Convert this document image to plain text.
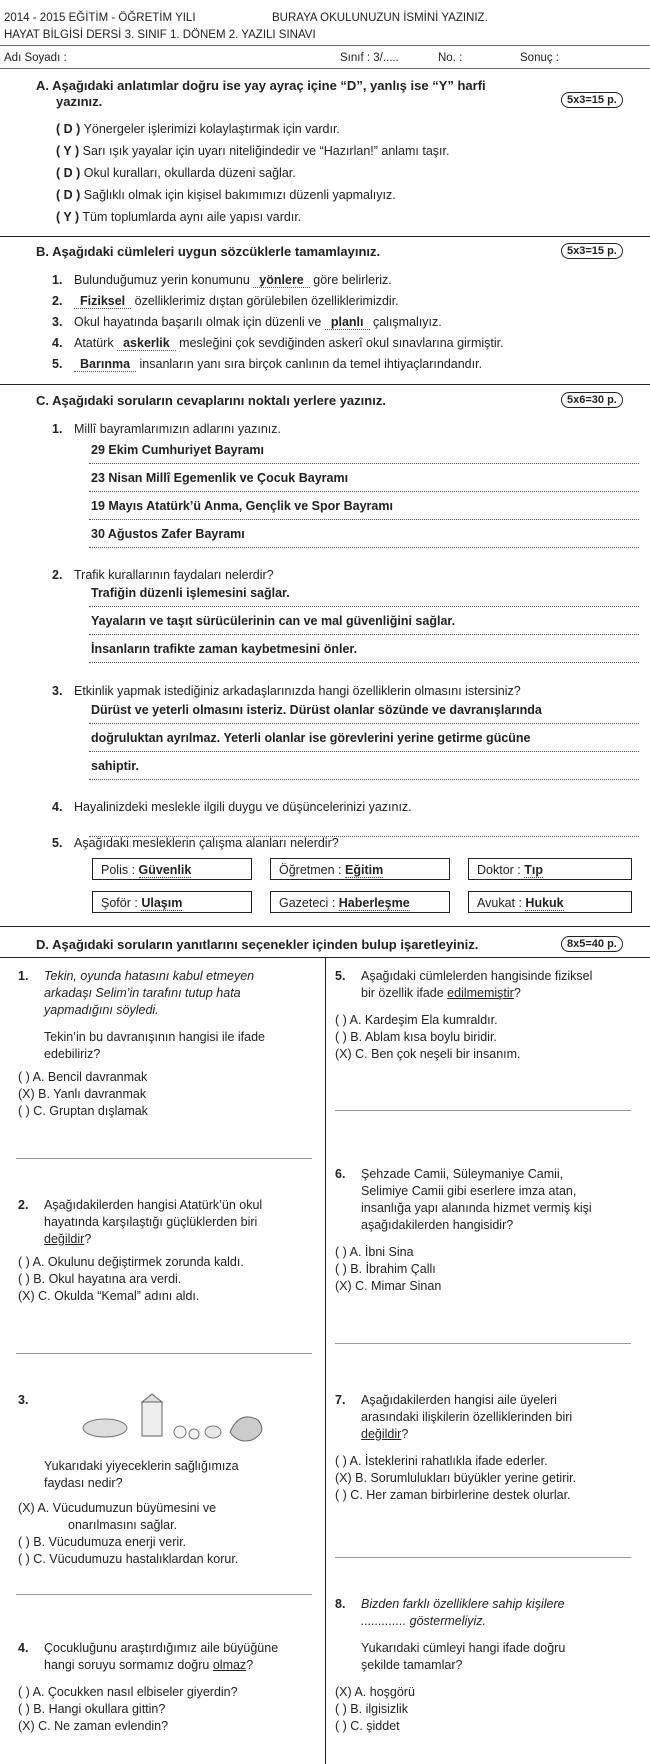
2014 - 2015 EĞİTİM - ÖĞRETİM YILI	BURAYA OKULUNUZUN İSMİNİ YAZINIZ.
HAYAT BİLGİSİ DERSİ 3. SINIF 1. DÖNEM 2. YAZILI SINAVI
Adı Soyadı :	Sınıf : 3/.....	No. :	Sonuç :
A. Aşağıdaki anlatımlar doğru ise yay ayraç içine “D”, yanlış ise “Y” harfi
yazınız.	5x3=15 p.
( D ) Yönergeler işlerimizi kolaylaştırmak için vardır.
( Y ) Sarı ışık yayalar için uyarı niteliğindedir ve “Hazırlan!” anlamı taşır.
( D ) Okul kuralları, okullarda düzeni sağlar.
( D ) Sağlıklı olmak için kişisel bakımımızı düzenli yapmalıyız.
( Y ) Tüm toplumlarda aynı aile yapısı vardır.
B. Aşağıdaki cümleleri uygun sözcüklerle tamamlayınız.	5x3=15 p.
1. Bulunduğumuz yerin konumunu yönlere göre belirleriz.
2. Fiziksel özelliklerimiz dıştan görülebilen özelliklerimizdir.
3. Okul hayatında başarılı olmak için düzenli ve planlı çalışmalıyız.
4. Atatürk askerlik mesleğini çok sevdiğinden askerî okul sınavlarına girmiştir.
5. Barınma insanların yanı sıra birçok canlının da temel ihtiyaçlarındandır.
C. Aşağıdaki soruların cevaplarını noktalı yerlere yazınız.	5x6=30 p.
1. Millî bayramlarımızın adlarını yazınız.
29 Ekim Cumhuriyet Bayramı
23 Nisan Millî Egemenlik ve Çocuk Bayramı
19 Mayıs Atatürk’ü Anma, Gençlik ve Spor Bayramı
30 Ağustos Zafer Bayramı
2. Trafik kurallarının faydaları nelerdir?
Trafiğin düzenli işlemesini sağlar.
Yayaların ve taşıt sürücülerinin can ve mal güvenliğini sağlar.
İnsanların trafikte zaman kaybetmesini önler.
3. Etkinlik yapmak istediğiniz arkadaşlarınızda hangi özelliklerin olmasını istersiniz?
Dürüst ve yeterli olmasını isteriz. Dürüst olanlar sözünde ve davranışlarında
doğruluktan ayrılmaz. Yeterli olanlar ise görevlerini yerine getirme gücüne
sahiptir.
4. Hayalinizdeki meslekle ilgili duygu ve düşüncelerinizi yazınız.
5. Aşağıdaki mesleklerin çalışma alanları nelerdir?
Polis : Güvenlik	Öğretmen : Eğitim	Doktor : Tıp
Şoför : Ulaşım	Gazeteci : Haberleşme	Avukat : Hukuk
D. Aşağıdaki soruların yanıtlarını seçenekler içinden bulup işaretleyiniz.	8x5=40 p.
1.	Tekin, oyunda hatasını kabul etmeyen
arkadaşı Selim’in tarafını tutup hata
yapmadığını söyledi.
Tekin’in bu davranışının hangisi ile ifade
edebiliriz?
( ) A. Bencil davranmak
(X) B. Yanlı davranmak
( ) C. Gruptan dışlamak
2.	Aşağıdakilerden hangisi Atatürk’ün okul
hayatında karşılaştığı güçlüklerden biri
değildir?
( ) A. Okulunu değiştirmek zorunda kaldı.
( ) B. Okul hayatına ara verdi.
(X) C. Okulda “Kemal” adını aldı.
3.
Yukarıdaki yiyeceklerin sağlığımıza
faydası nedir?
(X) A. Vücudumuzun büyümesini ve
onarılmasını sağlar.
( ) B. Vücudumuza enerji verir.
( ) C. Vücudumuzu hastalıklardan korur.
4.	Çocukluğunu araştırdığımız aile büyüğüne
hangi soruyu sormamız doğru olmaz?
( ) A. Çocukken nasıl elbiseler giyerdin?
( ) B. Hangi okullara gittin?
(X) C. Ne zaman evlendin?
5.	Aşağıdaki cümlelerden hangisinde fiziksel
bir özellik ifade edilmemiştir?
( ) A. Kardeşim Ela kumraldır.
( ) B. Ablam kısa boylu biridir.
(X) C. Ben çok neşeli bir insanım.
6.	Şehzade Camii, Süleymaniye Camii,
Selimiye Camii gibi eserlere imza atan,
insanlığa yapı alanında hizmet vermiş kişi
aşağıdakilerden hangisidir?
( ) A. İbni Sina
( ) B. İbrahim Çallı
(X) C. Mimar Sinan
7.	Aşağıdakilerden hangisi aile üyeleri
arasındaki ilişkilerin özelliklerinden biri
değildir?
( ) A. İsteklerini rahatlıkla ifade ederler.
(X) B. Sorumlulukları büyükler yerine getirir.
( ) C. Her zaman birbirlerine destek olurlar.
8.	Bizden farklı özelliklere sahip kişilere
............. göstermeliyiz.
Yukarıdaki cümleyi hangi ifade doğru
şekilde tamamlar?
(X) A. hoşgörü
( ) B. ilgisizlik
( ) C. şiddet
